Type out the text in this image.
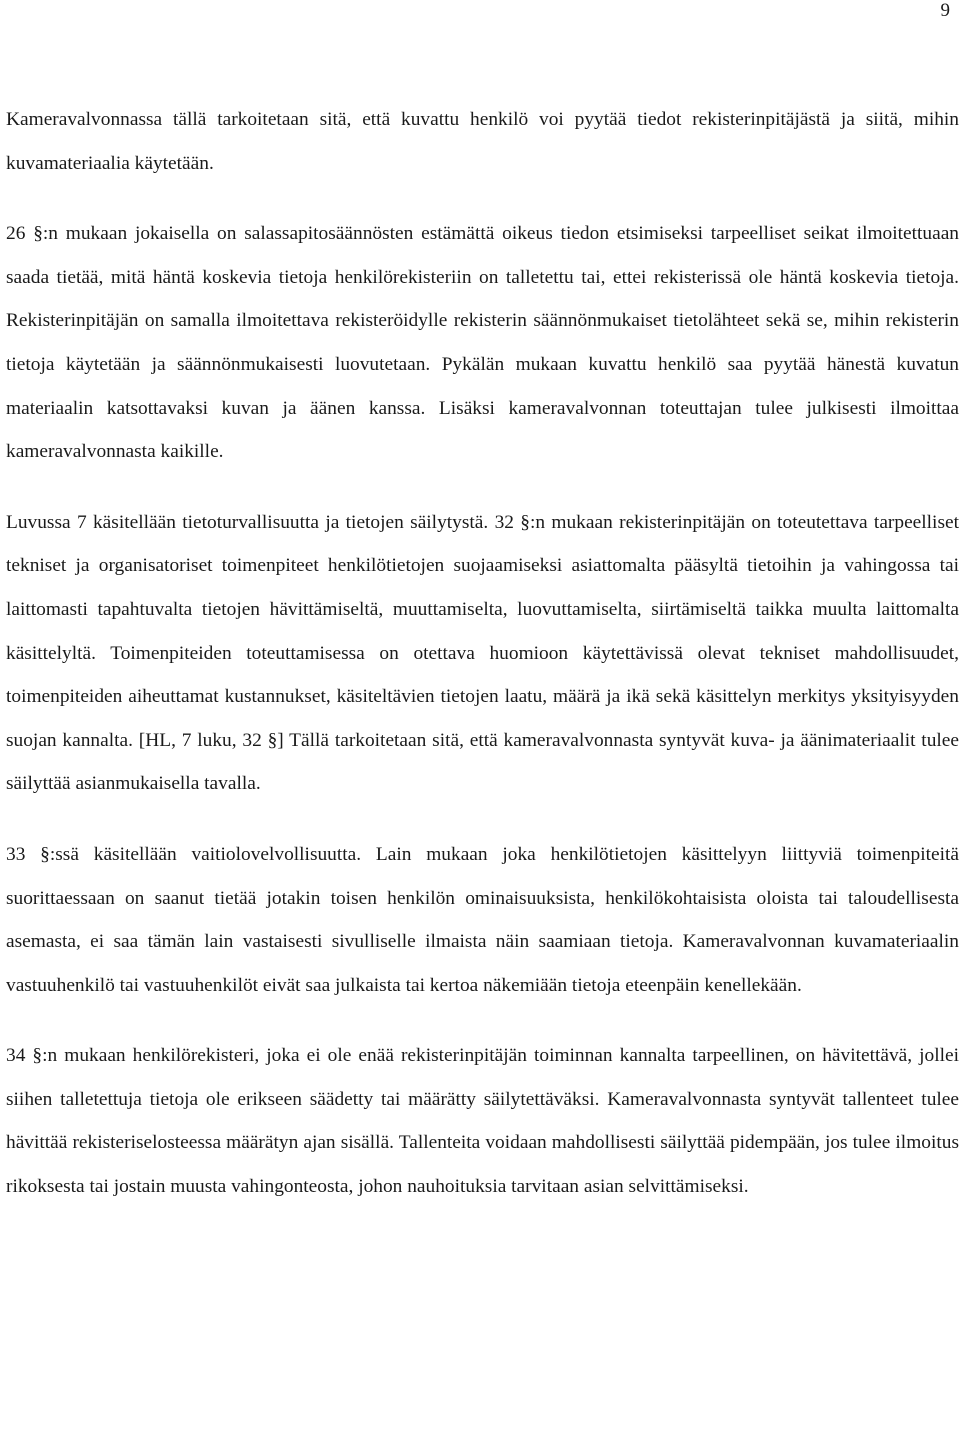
9

Kameravalvonnassa tällä tarkoitetaan sitä, että kuvattu henkilö voi pyytää tiedot rekisterinpitäjästä ja siitä, mihin kuvamateriaalia käytetään.

26 §:n mukaan jokaisella on salassapitosäännösten estämättä oikeus tiedon etsimiseksi tarpeelliset seikat ilmoitettuaan saada tietää, mitä häntä koskevia tietoja henkilörekisteriin on talletettu tai, ettei rekisterissä ole häntä koskevia tietoja. Rekisterinpitäjän on samalla ilmoitettava rekisteröidylle rekisterin säännönmukaiset tietolähteet sekä se, mihin rekisterin tietoja käytetään ja säännönmukaisesti luovutetaan. Pykälän mukaan kuvattu henkilö saa pyytää hänestä kuvatun materiaalin katsottavaksi kuvan ja äänen kanssa. Lisäksi kameravalvonnan toteuttajan tulee julkisesti ilmoittaa kameravalvonnasta kaikille.

Luvussa 7 käsitellään tietoturvallisuutta ja tietojen säilytystä. 32 §:n mukaan rekisterinpitäjän on toteutettava tarpeelliset tekniset ja organisatoriset toimenpiteet henkilötietojen suojaamiseksi asiattomalta pääsyltä tietoihin ja vahingossa tai laittomasti tapahtuvalta tietojen hävittämiseltä, muuttamiselta, luovuttamiselta, siirtämiseltä taikka muulta laittomalta käsittelyltä. Toimenpiteiden toteuttamisessa on otettava huomioon käytettävissä olevat tekniset mahdollisuudet, toimenpiteiden aiheuttamat kustannukset, käsiteltävien tietojen laatu, määrä ja ikä sekä käsittelyn merkitys yksityisyyden suojan kannalta. [HL, 7 luku, 32 §] Tällä tarkoitetaan sitä, että kameravalvonnasta syntyvät kuva- ja äänimateriaalit tulee säilyttää asianmukaisella tavalla.

33 §:ssä käsitellään vaitiolovelvollisuutta. Lain mukaan joka henkilötietojen käsittelyyn liittyviä toimenpiteitä suorittaessaan on saanut tietää jotakin toisen henkilön ominaisuuksista, henkilökohtaisista oloista tai taloudellisesta asemasta, ei saa tämän lain vastaisesti sivulliselle ilmaista näin saamiaan tietoja. Kameravalvonnan kuvamateriaalin vastuuhenkilö tai vastuuhenkilöt eivät saa julkaista tai kertoa näkemiään tietoja eteenpäin kenellekään.

34 §:n mukaan henkilörekisteri, joka ei ole enää rekisterinpitäjän toiminnan kannalta tarpeellinen, on hävitettävä, jollei siihen talletettuja tietoja ole erikseen säädetty tai määrätty säilytettäväksi. Kameravalvonnasta syntyvät tallenteet tulee hävittää rekisteriselosteessa määrätyn ajan sisällä. Tallenteita voidaan mahdollisesti säilyttää pidempään, jos tulee ilmoitus rikoksesta tai jostain muusta vahingonteosta, johon nauhoituksia tarvitaan asian selvittämiseksi.
